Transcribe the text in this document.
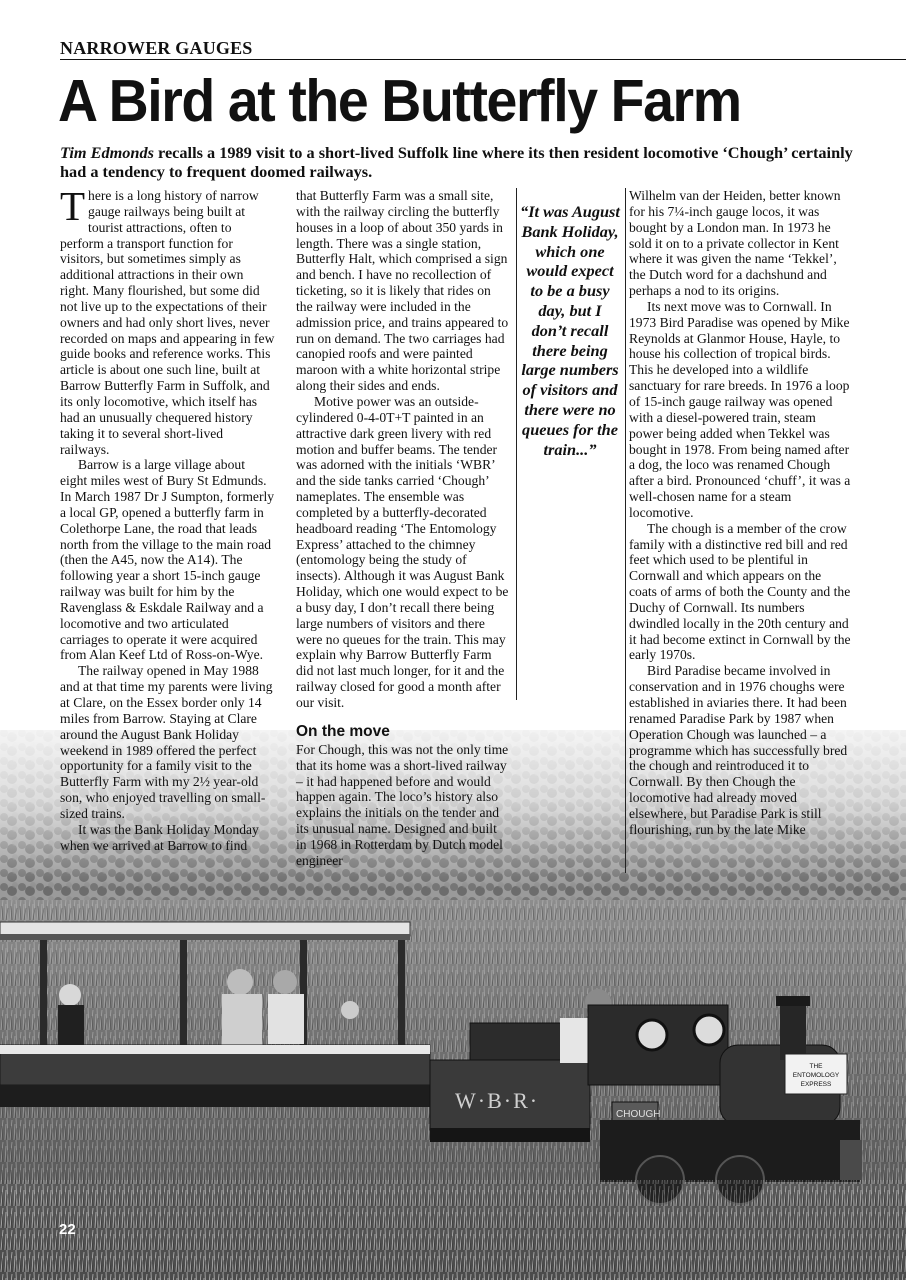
W·B·R·
CHOUGH
THE
ENTOMOLOGY
EXPRESS
NARROWER GAUGES
A Bird at the Butterfly Farm
Tim Edmonds recalls a 1989 visit to a short-lived Suffolk line where its then resident locomotive ‘Chough’ certainly had a tendency to frequent doomed railways.

There is a long history of narrow gauge railways being built at tourist attractions, often to perform a transport function for visitors, but sometimes simply as additional attractions in their own right. Many flourished, but some did not live up to the expectations of their owners and had only short lives, never recorded on maps and appearing in few guide books and reference works. This article is about one such line, built at Barrow Butterfly Farm in Suffolk, and its only locomotive, which itself has had an unusually chequered history taking it to several short-lived railways.

Barrow is a large village about eight miles west of Bury St Edmunds. In March 1987 Dr J Sumpton, formerly a local GP, opened a butterfly farm in Colethorpe Lane, the road that leads north from the village to the main road (then the A45, now the A14). The following year a short 15-inch gauge railway was built for him by the Ravenglass & Eskdale Railway and a locomotive and two articulated carriages to operate it were acquired from Alan Keef Ltd of Ross-on-Wye.

The railway opened in May 1988 and at that time my parents were living at Clare, on the Essex border only 14 miles from Barrow. Staying at Clare around the August Bank Holiday weekend in 1989 offered the perfect opportunity for a family visit to the Butterfly Farm with my 2½ year-old son, who enjoyed travelling on small-sized trains.

It was the Bank Holiday Monday when we arrived at Barrow to find

that Butterfly Farm was a small site, with the railway circling the butterfly houses in a loop of about 350 yards in length. There was a single station, Butterfly Halt, which comprised a sign and bench. I have no recollection of ticketing, so it is likely that rides on the railway were included in the admission price, and trains appeared to run on demand. The two carriages had canopied roofs and were painted maroon with a white horizontal stripe along their sides and ends.

Motive power was an outside-cylindered 0-4-0T+T painted in an attractive dark green livery with red motion and buffer beams. The tender was adorned with the initials ‘WBR’ and the side tanks carried ‘Chough’ nameplates. The ensemble was completed by a butterfly-decorated headboard reading ‘The Entomology Express’ attached to the chimney (entomology being the study of insects). Although it was August Bank Holiday, which one would expect to be a busy day, I don’t recall there being large numbers of visitors and there were no queues for the train. This may explain why Barrow Butterfly Farm did not last much longer, for it and the railway closed for good a month after our visit.

On the move

For Chough, this was not the only time that its home was a short-lived railway – it had happened before and would happen again. The loco’s history also explains the initials on the tender and its unusual name. Designed and built in 1968 in Rotterdam by Dutch model engineer

“It was August Bank Holiday, which one would expect to be a busy day, but I don’t recall there being large numbers of visitors and there were no queues for the train...”

Wilhelm van der Heiden, better known for his 7¼-inch gauge locos, it was bought by a London man. In 1973 he sold it on to a private collector in Kent where it was given the name ‘Tekkel’, the Dutch word for a dachshund and perhaps a nod to its origins.

Its next move was to Cornwall. In 1973 Bird Paradise was opened by Mike Reynolds at Glanmor House, Hayle, to house his collection of tropical birds. This he developed into a wildlife sanctuary for rare breeds. In 1976 a loop of 15-inch gauge railway was opened with a diesel-powered train, steam power being added when Tekkel was bought in 1978. From being named after a dog, the loco was renamed Chough after a bird. Pronounced ‘chuff’, it was a well-chosen name for a steam locomotive.

The chough is a member of the crow family with a distinctive red bill and red feet which used to be plentiful in Cornwall and which appears on the coats of arms of both the County and the Duchy of Cornwall. Its numbers dwindled locally in the 20th century and it had become extinct in Cornwall by the early 1970s.

Bird Paradise became involved in conservation and in 1976 choughs were established in aviaries there. It had been renamed Paradise Park by 1987 when Operation Chough was launched – a programme which has successfully bred the chough and reintroduced it to Cornwall. By then Chough the locomotive had already moved elsewhere, but Paradise Park is still flourishing, run by the late Mike

22
